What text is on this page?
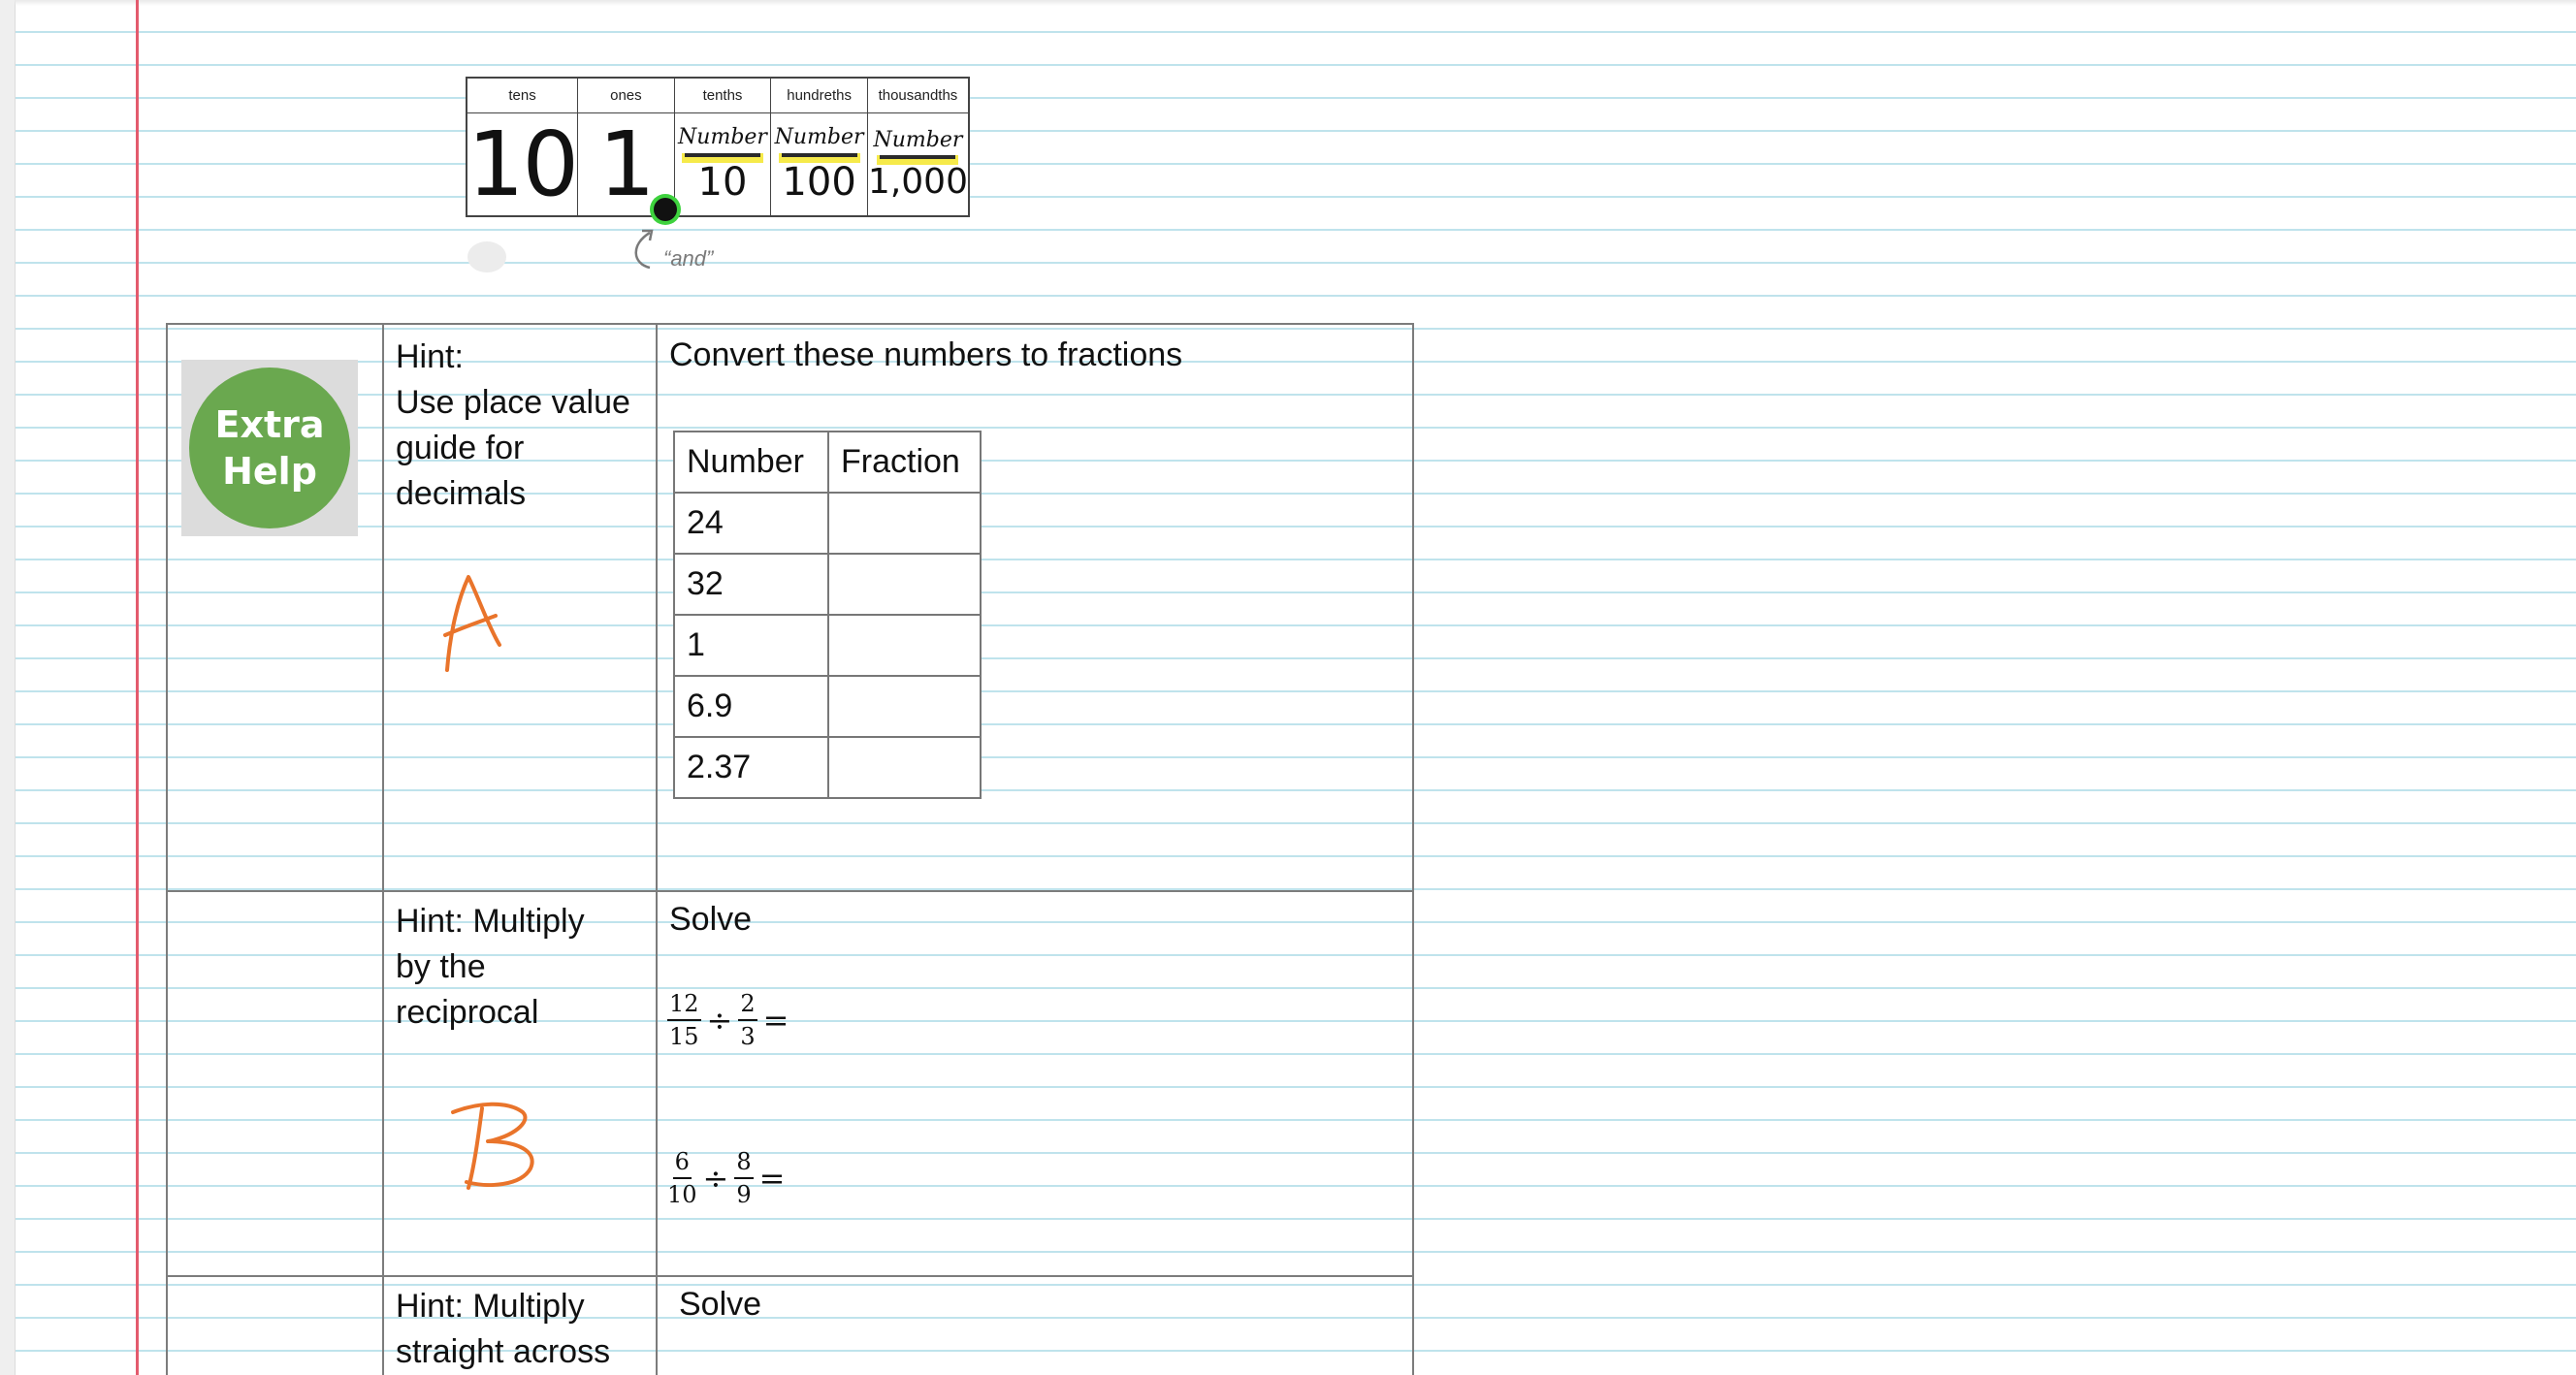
tens	ones	tenths	hundreths	thousandths
10 $1 \frac{\text{Number}}{10} \frac{\text{Number}}{100} \frac{\text{Number}}{1,000}$
“and”
Extra
Help
Hint:
Use place value
guide for
decimals
Convert these numbers to fractions
Number	Fraction
24	
32	
1	
6.9	
2.37	
Hint: Multiply
by the
reciprocal
Solve
$\frac{12}{15} \div \frac{2}{3}$ =
$\frac{6}{10} \div \frac{8}{9}$ =
Hint: Multiply
straight across
Solve
